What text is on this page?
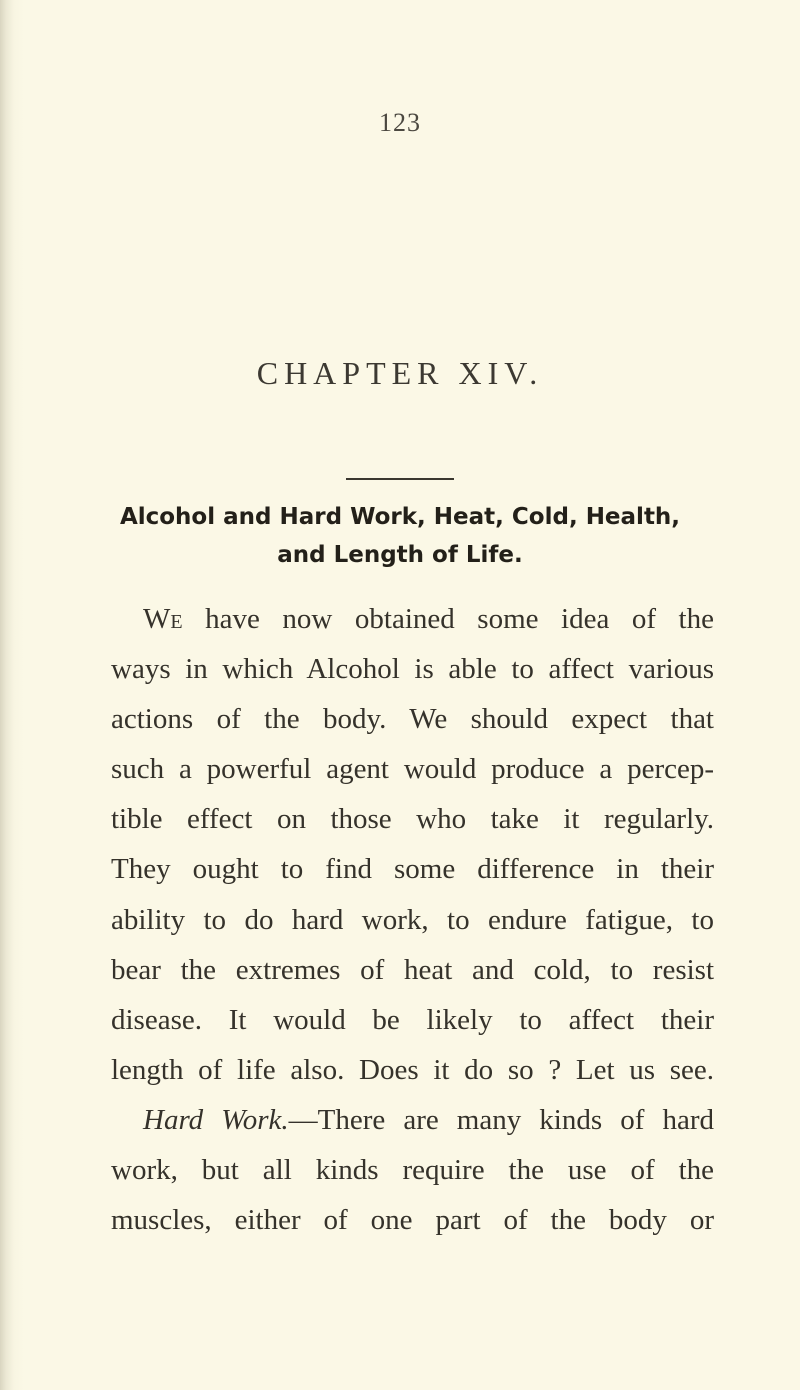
123
CHAPTER XIV.
Alcohol and Hard Work, Heat, Cold, Health,
and Length of Life.
We have now obtained some idea of the
ways in which Alcohol is able to affect various
actions of the body. We should expect that
such a powerful agent would produce a percep-
tible effect on those who take it regularly.
They ought to find some difference in their
ability to do hard work, to endure fatigue, to
bear the extremes of heat and cold, to resist
disease. It would be likely to affect their
length of life also. Does it do so ? Let us see.
Hard Work.—There are many kinds of hard
work, but all kinds require the use of the
muscles, either of one part of the body or
